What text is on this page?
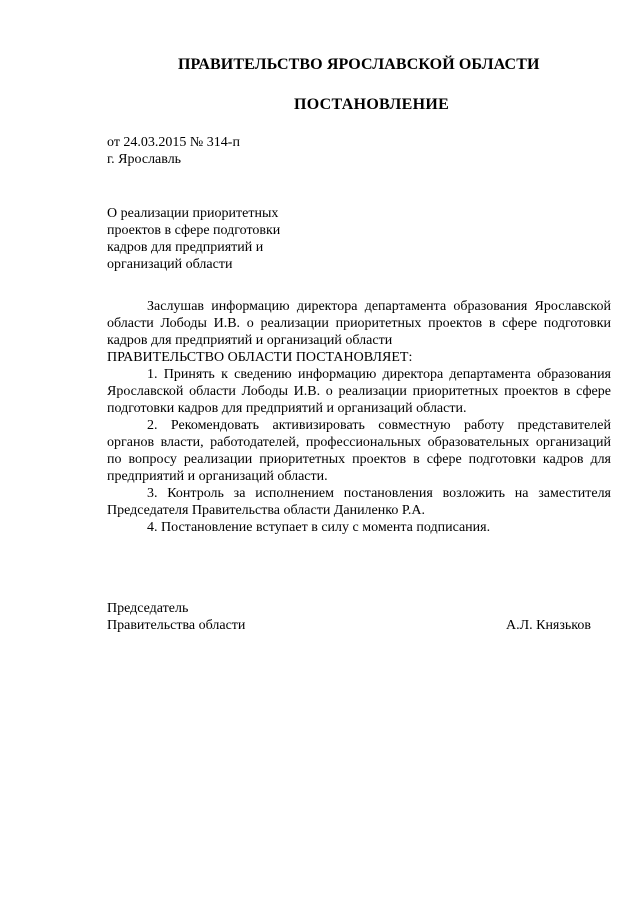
ПРАВИТЕЛЬСТВО ЯРОСЛАВСКОЙ ОБЛАСТИ
ПОСТАНОВЛЕНИЕ
от 24.03.2015 № 314-п
г. Ярославль
О реализации приоритетных
проектов в сфере подготовки
кадров для предприятий и
организаций области

Заслушав информацию директора департамента образования Ярославской области Лободы И.В. о реализации приоритетных проектов в сфере подготовки кадров для предприятий и организаций области

ПРАВИТЕЛЬСТВО ОБЛАСТИ ПОСТАНОВЛЯЕТ:

1. Принять к сведению информацию директора департамента образования Ярославской области Лободы И.В. о реализации приоритетных проектов в сфере подготовки кадров для предприятий и организаций области.

2. Рекомендовать активизировать совместную работу представителей органов власти, работодателей, профессиональных образовательных организаций по вопросу реализации приоритетных проектов в сфере подготовки кадров для предприятий и организаций области.

3. Контроль за исполнением постановления возложить на заместителя Председателя Правительства области Даниленко Р.А.

4. Постановление вступает в силу с момента подписания.

Председатель
Правительства области	А.Л. Князьков
